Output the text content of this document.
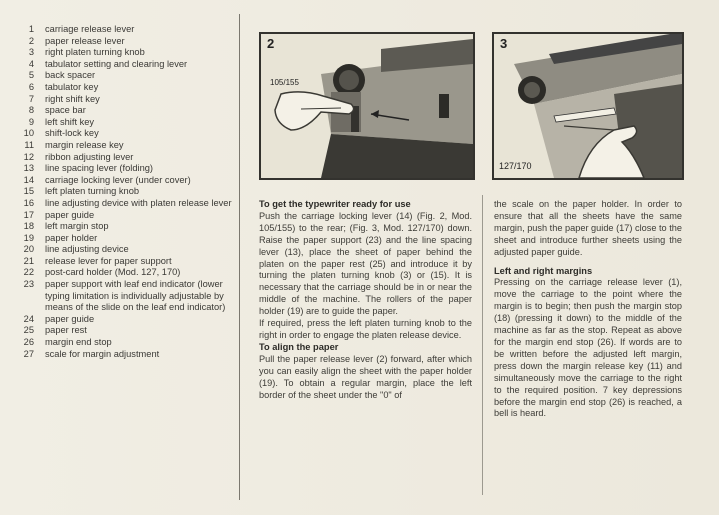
1 carriage release lever
2 paper release lever
3 right platen turning knob
4 tabulator setting and clearing lever
5 back spacer
6 tabulator key
7 right shift key
8 space bar
9 left shift key
10 shift-lock key
11 margin release key
12 ribbon adjusting lever
13 line spacing lever (folding)
14 carriage locking lever (under cover)
15 left platen turning knob
16 line adjusting device with platen release lever
17 paper guide
18 left margin stop
19 paper holder
20 line adjusting device
21 release lever for paper support
22 post-card holder (Mod. 127, 170)
23 paper support with leaf end indicator (lower typing limitation is individually adjustable by means of the slide on the leaf end indicator)
24 paper guide
25 paper rest
26 margin end stop
27 scale for margin adjustment
2
105/155
3
127/170
To get the typewriter ready for use

Push the carriage locking lever (14) (Fig. 2, Mod. 105/155) to the rear; (Fig. 3, Mod. 127/170) down. Raise the paper support (23) and the line spacing lever (13), place the sheet of paper behind the platen on the paper rest (25) and introduce it by turning the platen turning knob (3) or (15). It is necessary that the carriage should be in or near the middle of the machine. The rollers of the paper holder (19) are to guide the paper.

If required, press the left platen turning knob to the right in order to engage the platen release device.

To align the paper

Pull the paper release lever (2) forward, after which you can easily align the sheet with the paper holder (19). To obtain a regular margin, place the left border of the sheet under the "0" of

the scale on the paper holder. In order to ensure that all the sheets have the same margin, push the paper guide (17) close to the sheet and introduce further sheets using the adjusted paper guide.

Left and right margins

Pressing on the carriage release lever (1), move the carriage to the point where the margin is to begin; then push the margin stop (18) (pressing it down) to the middle of the machine as far as the stop. Repeat as above for the margin end stop (26). If words are to be written before the adjusted left margin, press down the margin release key (11) and simultaneously move the carriage to the right to the required position. 7 key depressions before the margin end stop (26) is reached, a bell is heard.
